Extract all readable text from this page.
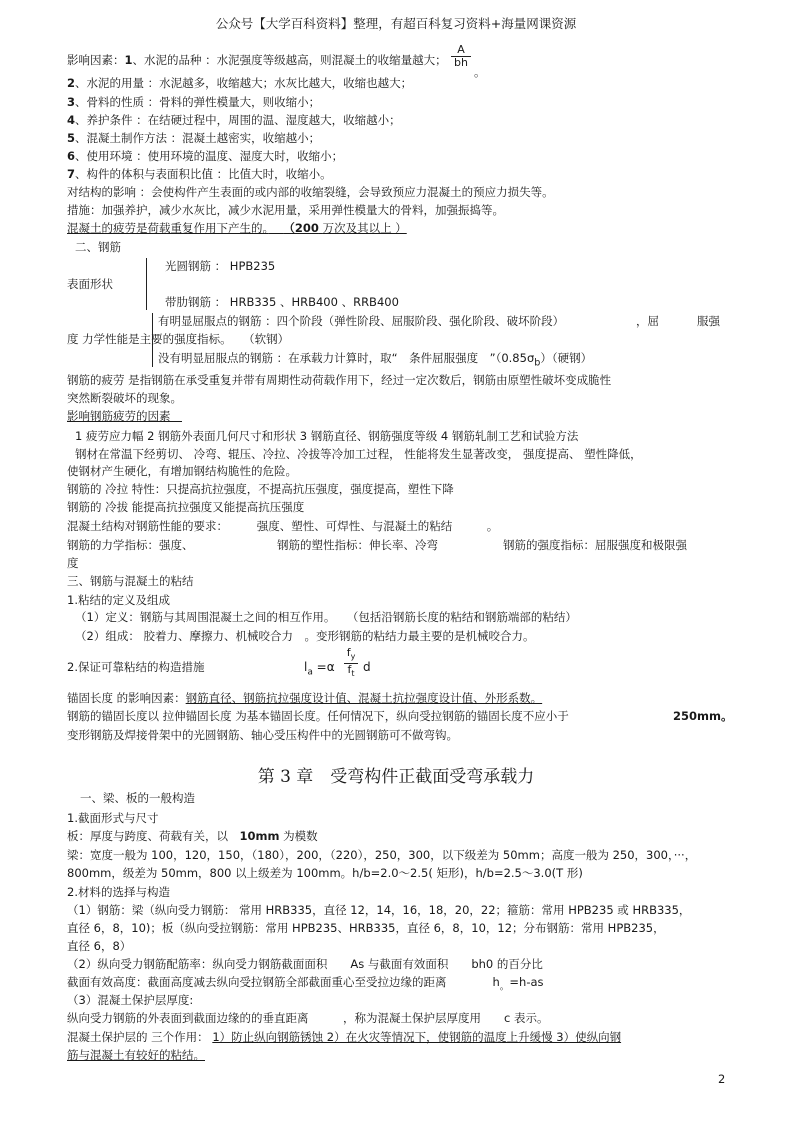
公众号【大学百科资料】整理，有超百科复习资料+海量网课资源
影响因素：1、水泥的品种 ：水泥强度等级越高，则混凝土的收缩量越大；
A
bh
。
2、水泥的用量 ：水泥越多，收缩越大；水灰比越大，收缩也越大；
3、骨料的性质 ：骨料的弹性模量大，则收缩小；
4、养护条件 ：在结硬过程中，周围的温、湿度越大，收缩越小；
5、混凝土制作方法 ：混凝土越密实，收缩越小；
6、使用环境 ：使用环境的温度、湿度大时，收缩小；
7、构件的体积与表面积比值 ：比值大时，收缩小。
对结构的影响 ：会使构件产生表面的或内部的收缩裂缝，会导致预应力混凝土的预应力损失等。
措施：加强养护，减少水灰比，减少水泥用量，采用弹性模量大的骨料，加强振捣等。
混凝土的疲劳是荷载重复作用下产生的。　 （200 万次及其以上 ）
二、钢筋
表面形状
光圆钢筋 ： HPB235
带肋钢筋 ： HRB335 、HRB400 、RRB400
有明显屈服点的钢筋 ：四个阶段（弹性阶段、屈服阶段、强化阶段、破坏阶段）	，屈	服强
度 力学性能是主要的强度指标。　　 （软钢）
没有明显屈服点的钢筋 ：在承载力计算时，取“　 条件屈服强度　 $”(0.85\sigma_b)$（硬钢）
钢筋的疲劳 是指钢筋在承受重复并带有周期性动荷载作用下，经过一定次数后，钢筋由原塑性破坏变成脆性
突然断裂破坏的现象。
影响钢筋疲劳的因素　
1 疲劳应力幅 2 钢筋外表面几何尺寸和形状 3 钢筋直径、钢筋强度等级 4 钢筋轧制工艺和试验方法
钢材在常温下经剪切、 冷弯、辊压、冷拉、冷拔等冷加工过程， 性能将发生显著改变， 强度提高、 塑性降低，
使钢材产生硬化，有增加钢结构脆性的危险。
钢筋的 冷拉 特性：只提高抗拉强度，不提高抗压强度，强度提高，塑性下降
钢筋的 冷拔 能提高抗拉强度又能提高抗压强度
混凝土结构对钢筋性能的要求：　　　	强度、塑性、可焊性、与混凝土的粘结　　　	。
钢筋的力学指标：强度、	钢筋的塑性指标：伸长率、冷弯	钢筋的强度指标：屈服强度和极限强
度
三、钢筋与混凝土的粘结
1.粘结的定义及组成
（1）定义：钢筋与其周围混凝土之间的相互作用。　　 （包括沿钢筋长度的粘结和钢筋端部的粘结）
（2）组成： 胶着力、摩擦力、机械咬合力　 。变形钢筋的粘结力最主要的是机械咬合力。
2.保证可靠粘结的构造措施	$l_a =\alpha$
$f_y$
$f_t$ d
锚固长度 的影响因素：钢筋直径、钢筋抗拉强度设计值、混凝土抗拉强度设计值、外形系数。
钢筋的锚固长度以 拉伸锚固长度 为基本锚固长度。任何情况下，纵向受拉钢筋的锚固长度不应小于	250mm。
变形钢筋及焊接骨架中的光圆钢筋、轴心受压构件中的光圆钢筋可不做弯钩。
第 3 章　受弯构件正截面受弯承载力
一、梁、板的一般构造
1.截面形式与尺寸
板：厚度与跨度、荷载有关，以　 10mm 为模数
梁：宽度一般为 100，120，150，（180），200，（220），250，300，以下级差为 50mm；高度一般为 250，300，···，
800mm，级差为 50mm，800 以上级差为 100mm。h/b=2.0～2.5( 矩形)，h/b=2.5～3.0(T 形)
2.材料的选择与构造
（1）钢筋：梁（纵向受力钢筋： 常用 HRB335，直径 12，14，16，18，20，22；箍筋：常用 HPB235 或 HRB335，
直径 6，8，10)；板（纵向受拉钢筋：常用 HPB235、HRB335，直径 6，8，10，12；分布钢筋：常用 HPB235，
直径 6，8）
（2）纵向受力钢筋配筋率：纵向受力钢筋截面面积　　 As 与截面有效面积　　 bh0 的百分比
截面有效高度：截面高度减去纵向受拉钢筋全部截面重心至受拉边缘的距离　　　　	$h_。=h-as$
（3）混凝土保护层厚度:
纵向受力钢筋的外表面到截面边缘的的垂直距离　　　	，称为混凝土保护层厚度用　　 c 表示。
混凝土保护层的 三个作用： 1）防止纵向钢筋锈蚀 2）在火灾等情况下，使钢筋的温度上升缓慢 3）使纵向钢
筋与混凝土有较好的粘结。
2
